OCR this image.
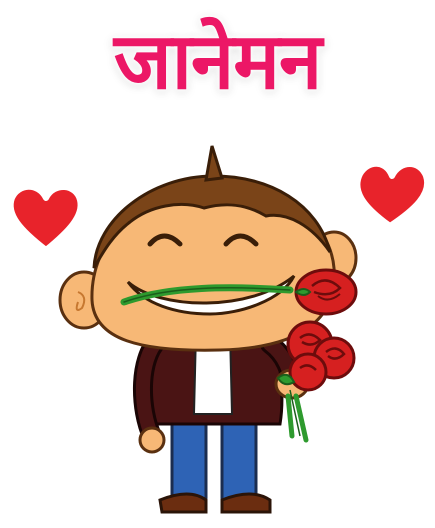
जानेमन
